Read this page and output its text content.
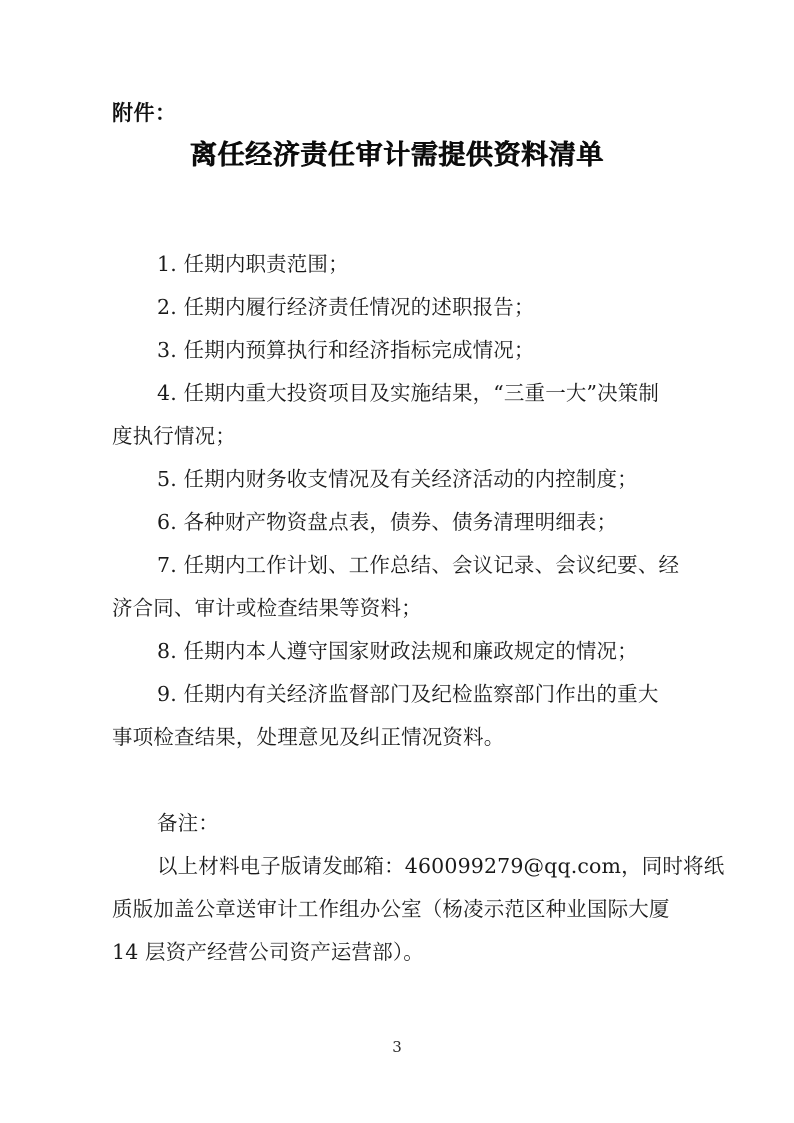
附件：
离任经济责任审计需提供资料清单
1. 任期内职责范围；
2. 任期内履行经济责任情况的述职报告；
3. 任期内预算执行和经济指标完成情况；
4. 任期内重大投资项目及实施结果，“三重一大”决策制
度执行情况；
5. 任期内财务收支情况及有关经济活动的内控制度；
6. 各种财产物资盘点表，债券、债务清理明细表；
7. 任期内工作计划、工作总结、会议记录、会议纪要、经
济合同、审计或检查结果等资料；
8. 任期内本人遵守国家财政法规和廉政规定的情况；
9. 任期内有关经济监督部门及纪检监察部门作出的重大
事项检查结果，处理意见及纠正情况资料。
备注：
以上材料电子版请发邮箱：460099279@qq.com，同时将纸
质版加盖公章送审计工作组办公室（杨凌示范区种业国际大厦
14 层资产经营公司资产运营部）。
3
